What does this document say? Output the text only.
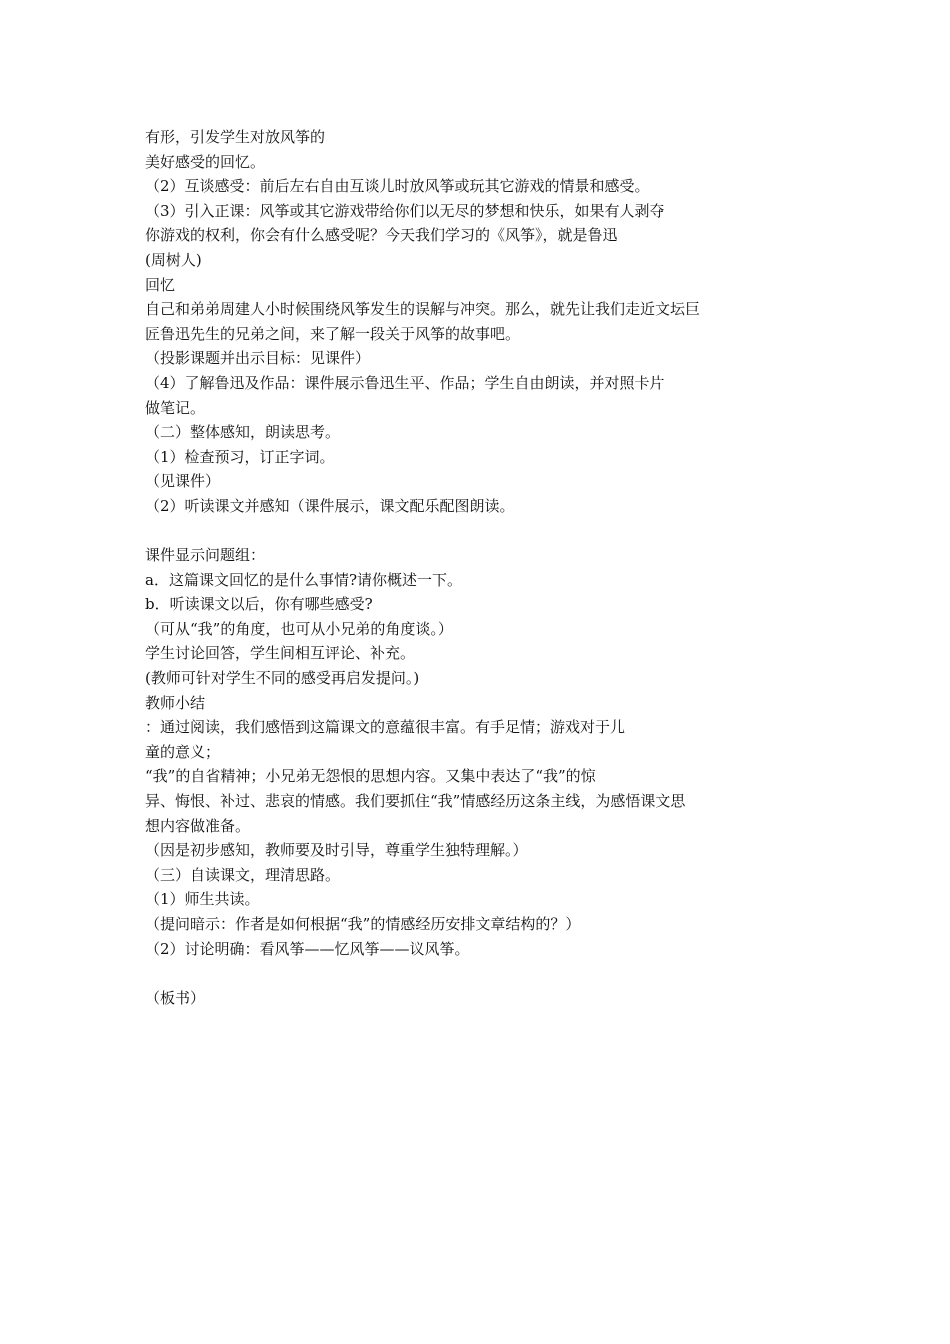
有形，引发学生对放风筝的
美好感受的回忆。
（2）互谈感受：前后左右自由互谈儿时放风筝或玩其它游戏的情景和感受。
（3）引入正课：风筝或其它游戏带给你们以无尽的梦想和快乐，如果有人剥夺
你游戏的权利，你会有什么感受呢？今天我们学习的《风筝》，就是鲁迅
(周树人)
回忆
自己和弟弟周建人小时候围绕风筝发生的误解与冲突。那么，就先让我们走近文坛巨
匠鲁迅先生的兄弟之间，来了解一段关于风筝的故事吧。
（投影课题并出示目标：见课件）
（4）了解鲁迅及作品：课件展示鲁迅生平、作品；学生自由朗读，并对照卡片
做笔记。
（二）整体感知，朗读思考。
（1）检查预习，订正字词。
（见课件）
（2）听读课文并感知（课件展示，课文配乐配图朗读。
课件显示问题组：
a．这篇课文回忆的是什么事情?请你概述一下。
b．听读课文以后，你有哪些感受?
（可从“我”的角度，也可从小兄弟的角度谈。）
学生讨论回答，学生间相互评论、补充。
(教师可针对学生不同的感受再启发提问。)
教师小结
：通过阅读，我们感悟到这篇课文的意蕴很丰富。有手足情；游戏对于儿
童的意义；
“我”的自省精神；小兄弟无怨恨的思想内容。又集中表达了“我”的惊
异、悔恨、补过、悲哀的情感。我们要抓住“我”情感经历这条主线，为感悟课文思
想内容做准备。
（因是初步感知，教师要及时引导，尊重学生独特理解。）
（三）自读课文，理清思路。
（1）师生共读。
（提问暗示：作者是如何根据“我”的情感经历安排文章结构的？）
（2）讨论明确：看风筝——忆风筝——议风筝。
（板书）
